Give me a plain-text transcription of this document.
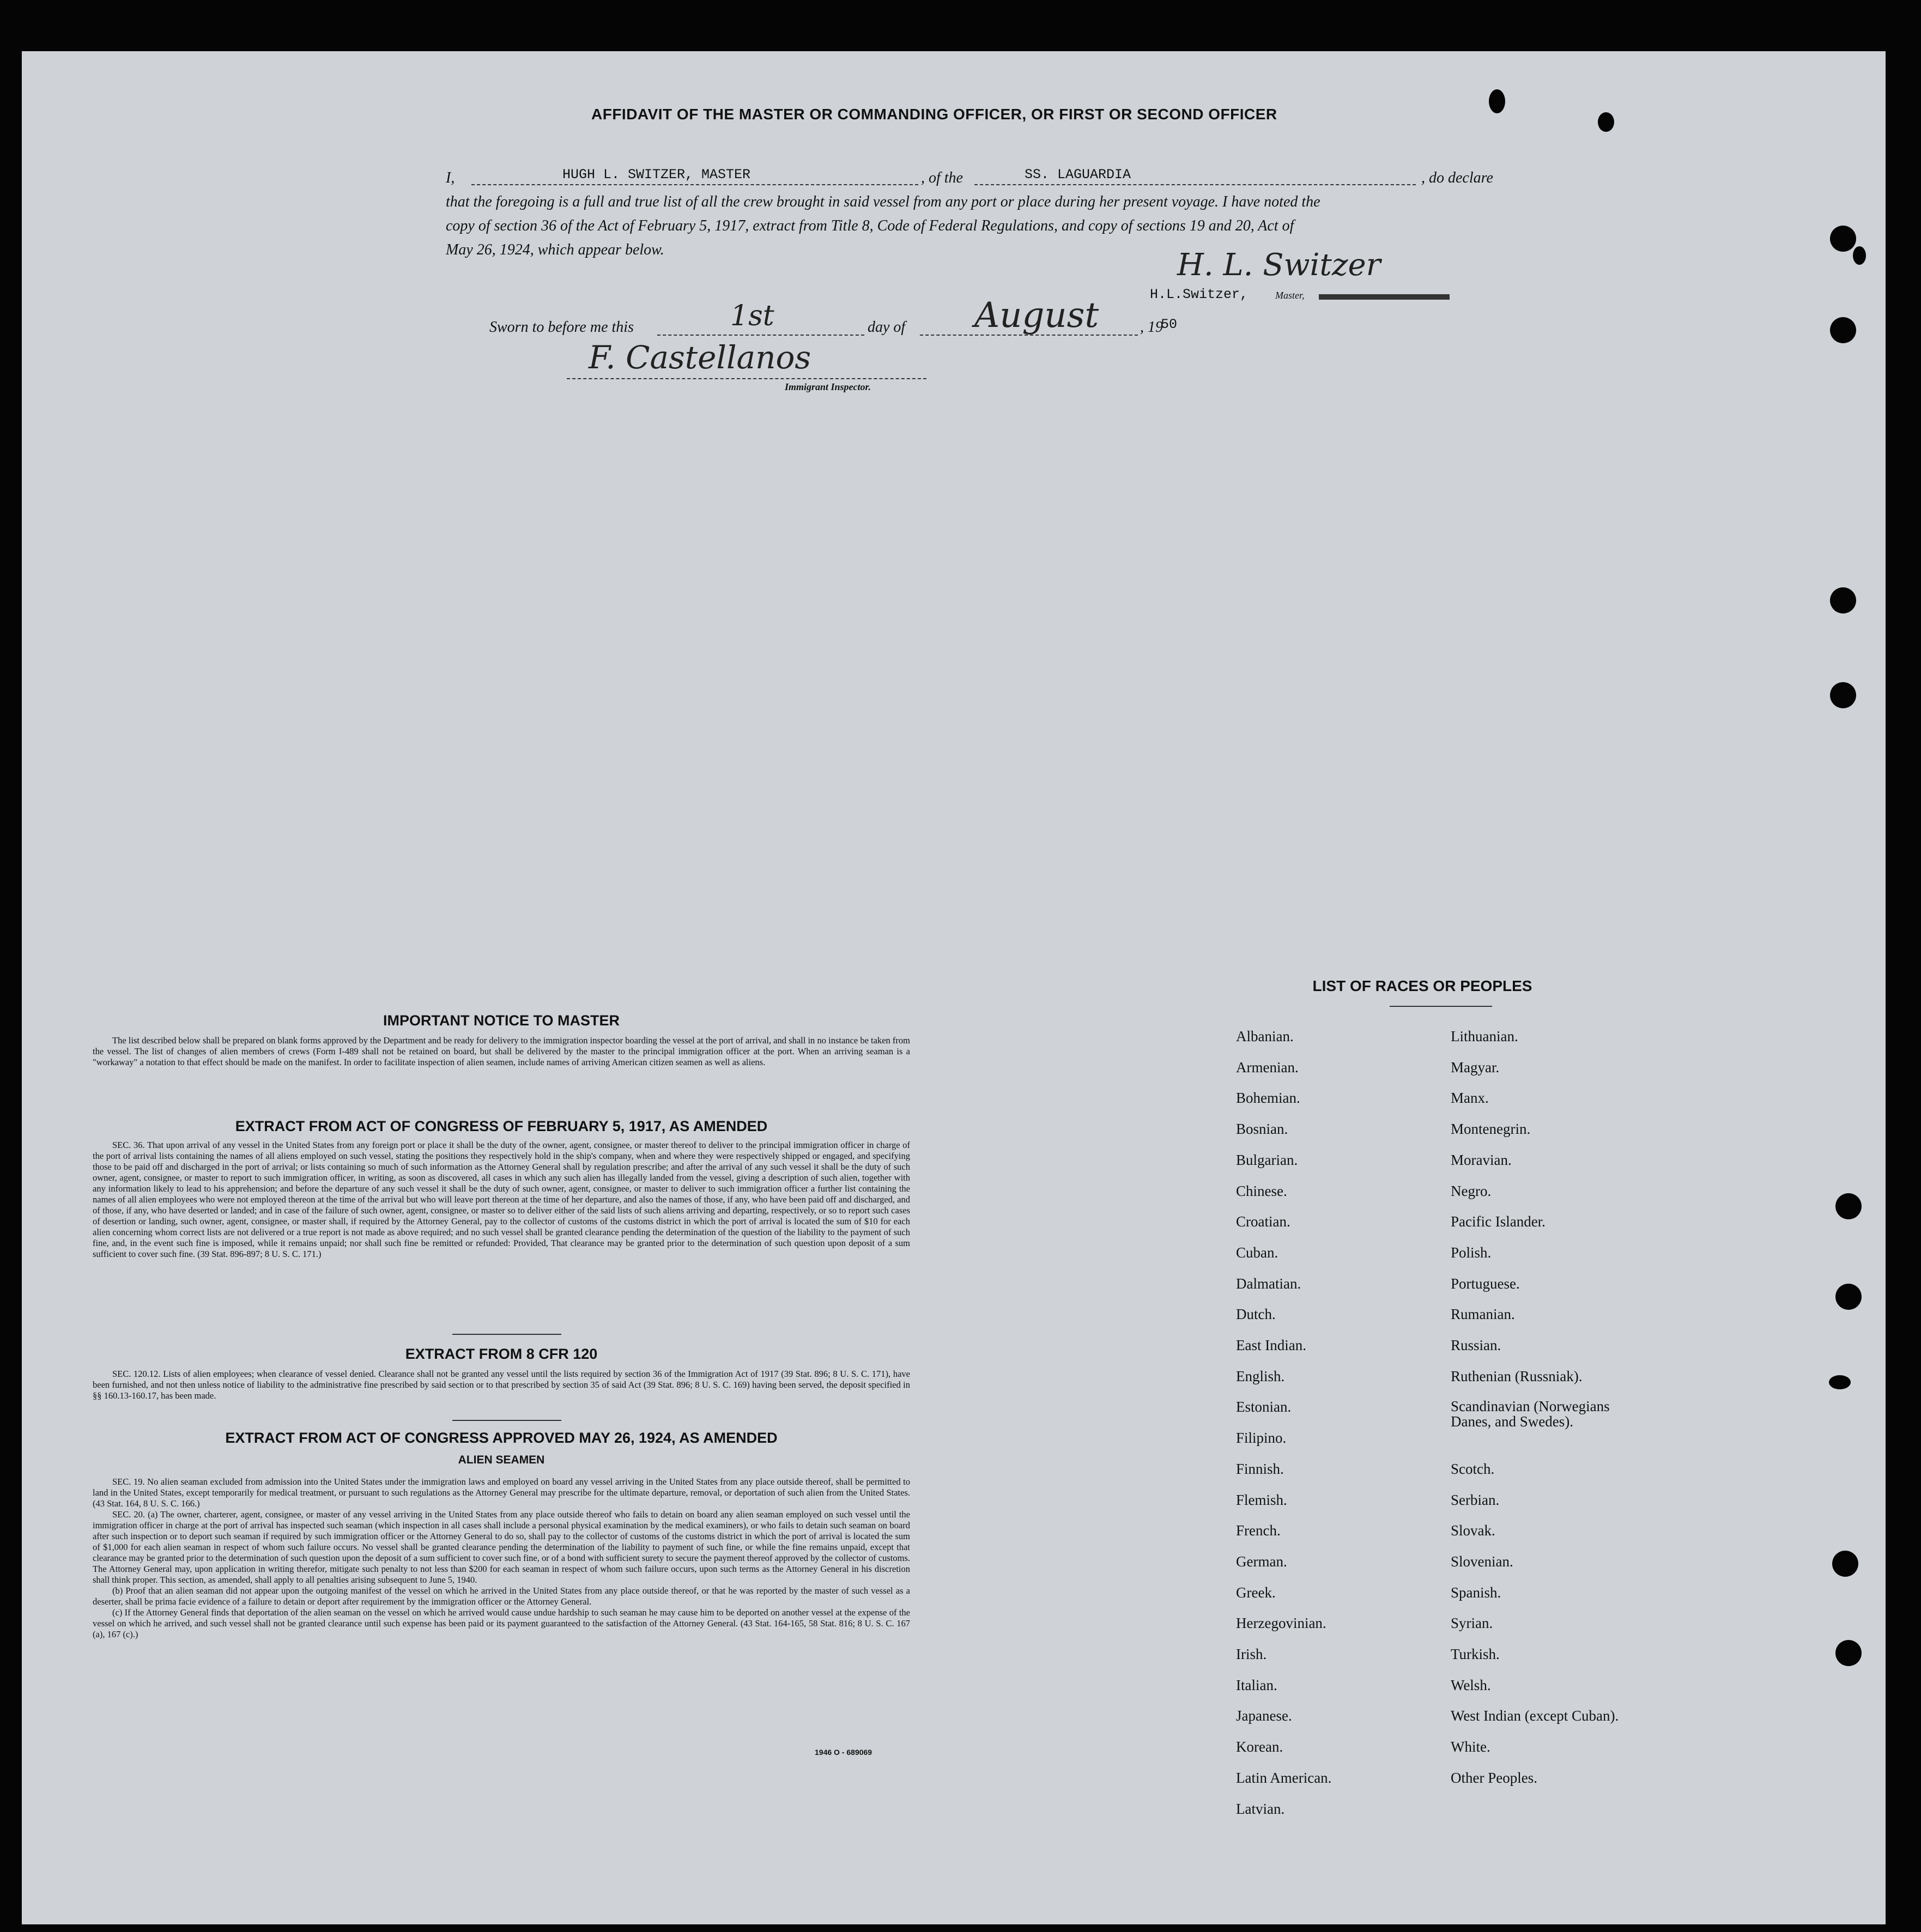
AFFIDAVIT OF THE MASTER OR COMMANDING OFFICER, OR FIRST OR SECOND OFFICER
I,	HUGH L. SWITZER, MASTER	, of the	SS. LAGUARDIA	, do declare
that the foregoing is a full and true list of all the crew brought in said vessel from any port or place during her present voyage. I have noted the
copy of section 36 of the Act of February 5, 1917, extract from Title 8, Code of Federal Regulations, and copy of sections 19 and 20, Act of
May 26, 1924, which appear below.	H. L. Switzer
H.L.Switzer,	Master,
Sworn to before me this	1st	day of August	, 19
50
F. Castellanos
Immigrant Inspector.
IMPORTANT NOTICE TO MASTER

The list described below shall be prepared on blank forms approved by the Department and be ready for delivery to the immigration inspector boarding the vessel at the port of arrival, and shall in no instance be taken from the vessel. The list of changes of alien members of crews (Form I-489 shall not be retained on board, but shall be delivered by the master to the principal immigration officer at the port. When an arriving seaman is a "workaway" a notation to that effect should be made on the manifest. In order to facilitate inspection of alien seamen, include names of arriving American citizen seamen as well as aliens.

EXTRACT FROM ACT OF CONGRESS OF FEBRUARY 5, 1917, AS AMENDED

SEC. 36. That upon arrival of any vessel in the United States from any foreign port or place it shall be the duty of the owner, agent, consignee, or master thereof to deliver to the principal immigration officer in charge of the port of arrival lists containing the names of all aliens employed on such vessel, stating the positions they respectively hold in the ship's company, when and where they were respectively shipped or engaged, and specifying those to be paid off and discharged in the port of arrival; or lists containing so much of such information as the Attorney General shall by regulation prescribe; and after the arrival of any such vessel it shall be the duty of such owner, agent, consignee, or master to report to such immigration officer, in writing, as soon as discovered, all cases in which any such alien has illegally landed from the vessel, giving a description of such alien, together with any information likely to lead to his apprehension; and before the departure of any such vessel it shall be the duty of such owner, agent, consignee, or master to deliver to such immigration officer a further list containing the names of all alien employees who were not employed thereon at the time of the arrival but who will leave port thereon at the time of her departure, and also the names of those, if any, who have been paid off and discharged, and of those, if any, who have deserted or landed; and in case of the failure of such owner, agent, consignee, or master so to deliver either of the said lists of such aliens arriving and departing, respectively, or so to report such cases of desertion or landing, such owner, agent, consignee, or master shall, if required by the Attorney General, pay to the collector of customs of the customs district in which the port of arrival is located the sum of $10 for each alien concerning whom correct lists are not delivered or a true report is not made as above required; and no such vessel shall be granted clearance pending the determination of the question of the liability to the payment of such fine, and, in the event such fine is imposed, while it remains unpaid; nor shall such fine be remitted or refunded: Provided, That clearance may be granted prior to the determination of such question upon deposit of a sum sufficient to cover such fine. (39 Stat. 896-897; 8 U. S. C. 171.)

EXTRACT FROM 8 CFR 120

SEC. 120.12. Lists of alien employees; when clearance of vessel denied. Clearance shall not be granted any vessel until the lists required by section 36 of the Immigration Act of 1917 (39 Stat. 896; 8 U. S. C. 171), have been furnished, and not then unless notice of liability to the administrative fine prescribed by said section or to that prescribed by section 35 of said Act (39 Stat. 896; 8 U. S. C. 169) having been served, the deposit specified in §§ 160.13-160.17, has been made.

EXTRACT FROM ACT OF CONGRESS APPROVED MAY 26, 1924, AS AMENDED
ALIEN SEAMEN

SEC. 19. No alien seaman excluded from admission into the United States under the immigration laws and employed on board any vessel arriving in the United States from any place outside thereof, shall be permitted to land in the United States, except temporarily for medical treatment, or pursuant to such regulations as the Attorney General may prescribe for the ultimate departure, removal, or deportation of such alien from the United States. (43 Stat. 164, 8 U. S. C. 166.)

SEC. 20. (a) The owner, charterer, agent, consignee, or master of any vessel arriving in the United States from any place outside thereof who fails to detain on board any alien seaman employed on such vessel until the immigration officer in charge at the port of arrival has inspected such seaman (which inspection in all cases shall include a personal physical examination by the medical examiners), or who fails to detain such seaman on board after such inspection or to deport such seaman if required by such immigration officer or the Attorney General to do so, shall pay to the collector of customs of the customs district in which the port of arrival is located the sum of $1,000 for each alien seaman in respect of whom such failure occurs. No vessel shall be granted clearance pending the determination of the liability to payment of such fine, or while the fine remains unpaid, except that clearance may be granted prior to the determination of such question upon the deposit of a sum sufficient to cover such fine, or of a bond with sufficient surety to secure the payment thereof approved by the collector of customs. The Attorney General may, upon application in writing therefor, mitigate such penalty to not less than $200 for each seaman in respect of whom such failure occurs, upon such terms as the Attorney General in his discretion shall think proper. This section, as amended, shall apply to all penalties arising subsequent to June 5, 1940.

(b) Proof that an alien seaman did not appear upon the outgoing manifest of the vessel on which he arrived in the United States from any place outside thereof, or that he was reported by the master of such vessel as a deserter, shall be prima facie evidence of a failure to detain or deport after requirement by the immigration officer or the Attorney General.

(c) If the Attorney General finds that deportation of the alien seaman on the vessel on which he arrived would cause undue hardship to such seaman he may cause him to be deported on another vessel at the expense of the vessel on which he arrived, and such vessel shall not be granted clearance until such expense has been paid or its payment guaranteed to the satisfaction of the Attorney General. (43 Stat. 164-165, 58 Stat. 816; 8 U. S. C. 167 (a), 167 (c).)

1946 O - 689069
LIST OF RACES OR PEOPLES
Albanian.
Armenian.
Bohemian.
Bosnian.
Bulgarian.
Chinese.
Croatian.
Cuban.
Dalmatian.
Dutch.
East Indian.
English.
Estonian.
Filipino.
Finnish.
Flemish.
French.
German.
Greek.
Herzegovinian.
Irish.
Italian.
Japanese.
Korean.
Latin American.
Latvian.
Lithuanian.
Magyar.
Manx.
Montenegrin.
Moravian.
Negro.
Pacific Islander.
Polish.
Portuguese.
Rumanian.
Russian.
Ruthenian (Russniak).
Scandinavian (Norwegians Danes, and Swedes).
Scotch.
Serbian.
Slovak.
Slovenian.
Spanish.
Syrian.
Turkish.
Welsh.
West Indian (except Cuban).
White.
Other Peoples.
